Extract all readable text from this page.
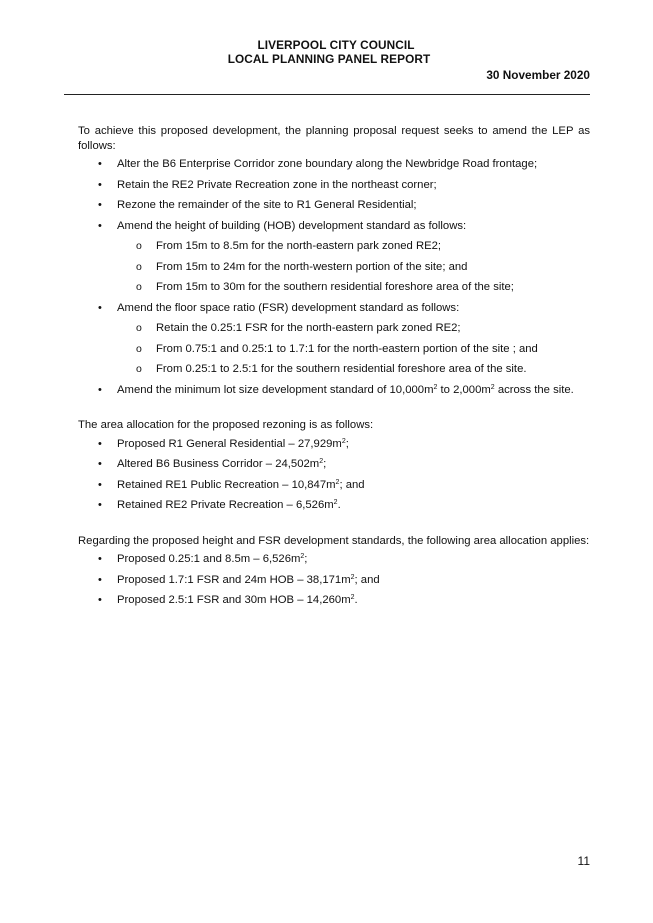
LIVERPOOL CITY COUNCIL
LOCAL PLANNING PANEL REPORT
30 November 2020

To achieve this proposed development, the planning proposal request seeks to amend the LEP as follows:

• Alter the B6 Enterprise Corridor zone boundary along the Newbridge Road frontage;
• Retain the RE2 Private Recreation zone in the northeast corner;
• Rezone the remainder of the site to R1 General Residential;
• Amend the height of building (HOB) development standard as follows:
o From 15m to 8.5m for the north-eastern park zoned RE2;
o From 15m to 24m for the north-western portion of the site; and
o From 15m to 30m for the southern residential foreshore area of the site;
• Amend the floor space ratio (FSR) development standard as follows:
o Retain the 0.25:1 FSR for the north-eastern park zoned RE2;
o From 0.75:1 and 0.25:1 to 1.7:1 for the north-eastern portion of the site ; and
o From 0.25:1 to 2.5:1 for the southern residential foreshore area of the site.
• Amend the minimum lot size development standard of $10,000m^2$ to $2,000m^2$ across the site.

The area allocation for the proposed rezoning is as follows:

• Proposed R1 General Residential – $27,929m^2$;
• Altered B6 Business Corridor – $24,502m^2$;
• Retained RE1 Public Recreation – $10,847m^2$; and
• Retained RE2 Private Recreation – $6,526m^2$.

Regarding the proposed height and FSR development standards, the following area allocation applies:

• Proposed 0.25:1 and $8.5m - 6,526m^2$;
• Proposed 1.7:1 FSR and 24m HOB – $38,171m^2$; and
• Proposed 2.5:1 FSR and 30m HOB – $14,260m^2$.
11
